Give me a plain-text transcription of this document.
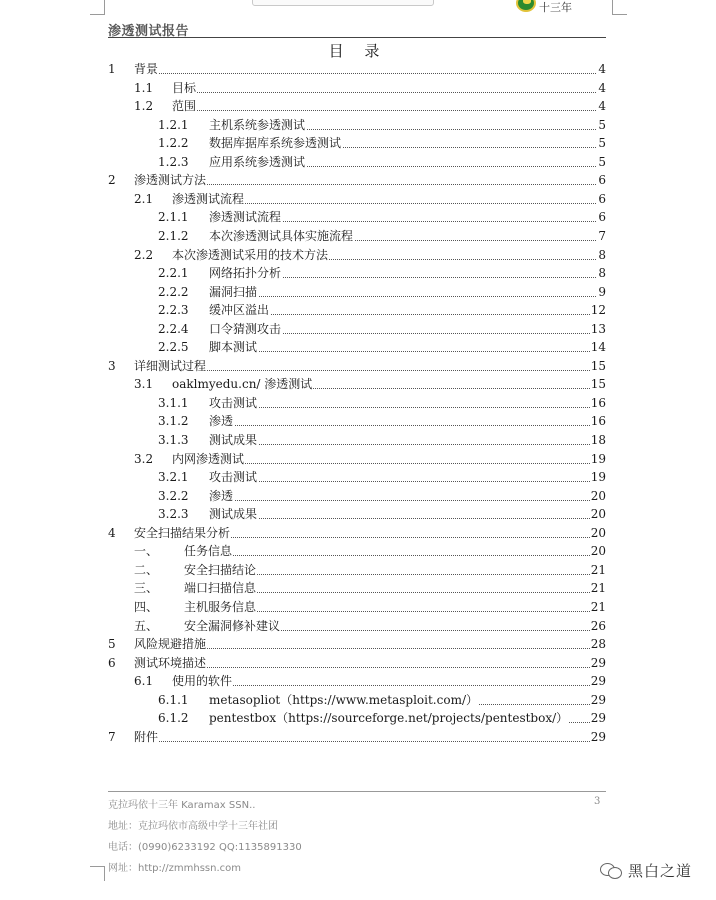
十三年
渗透测试报告
目 录
1 背景	4
1.1 目标	4
1.2 范围	4
1.2.1 主机系统参透测试	5
1.2.2 数据库据库系统参透测试	5
1.2.3 应用系统参透测试	5
2 渗透测试方法	6
2.1 渗透测试流程	6
2.1.1 渗透测试流程	6
2.1.2 本次渗透测试具体实施流程	7
2.2 本次渗透测试采用的技术方法	8
2.2.1 网络拓扑分析	8
2.2.2 漏洞扫描	9
2.2.3 缓冲区溢出	12
2.2.4 口令猜测攻击	13
2.2.5 脚本测试	14
3 详细测试过程	15
3.1 oaklmyedu.cn/ 渗透测试	15
3.1.1 攻击测试	16
3.1.2 渗透	16
3.1.3 测试成果	18
3.2 内网渗透测试	19
3.2.1 攻击测试	19
3.2.2 渗透	20
3.2.3 测试成果	20
4 安全扫描结果分析	20
一、 任务信息	20
二、 安全扫描结论	21
三、 端口扫描信息	21
四、 主机服务信息	21
五、 安全漏洞修补建议	26
5 风险规避措施	28
6 测试环境描述	29
6.1 使用的软件	29
6.1.1 metasopliot（https://www.metasploit.com/）	29
6.1.2 pentestbox（https://sourceforge.net/projects/pentestbox/） 29
7 附件	29
克拉玛依十三年 Karamax SSN..	3
地址：克拉玛依市高级中学十三年社团
电话：(0990)6233192 QQ:1135891330
网址：http://zmmhssn.com	黑白之道
